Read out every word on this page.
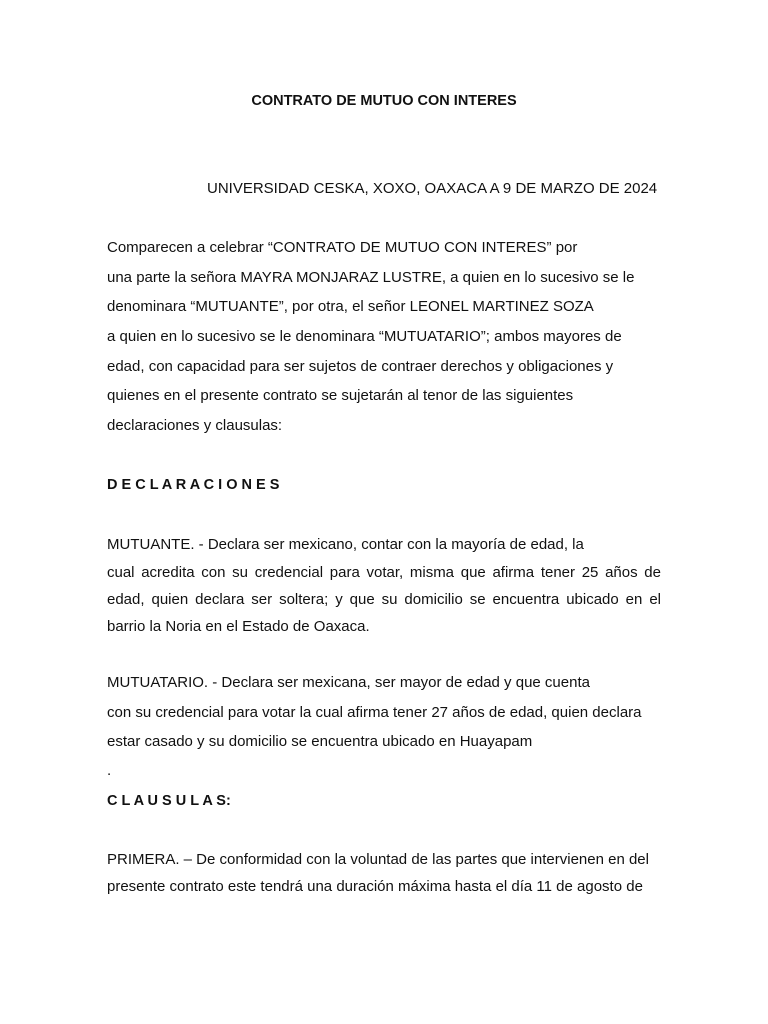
CONTRATO DE MUTUO CON INTERES
UNIVERSIDAD CESKA, XOXO, OAXACA A 9 DE MARZO DE 2024
Comparecen a celebrar “CONTRATO DE MUTUO CON INTERES” por
una parte la señora MAYRA MONJARAZ LUSTRE, a quien en lo sucesivo se le
denominara “MUTUANTE”, por otra, el señor LEONEL MARTINEZ SOZA
a quien en lo sucesivo se le denominara “MUTUATARIO”; ambos mayores de
edad, con capacidad para ser sujetos de contraer derechos y obligaciones y
quienes en el presente contrato se sujetarán al tenor de las siguientes
declaraciones y clausulas:
D E C L A R A C I O N E S
MUTUANTE. - Declara ser mexicano, contar con la mayoría de edad, la
cual acredita con su credencial para votar, misma que afirma tener 25 años de
edad, quien declara ser soltera; y que su domicilio se encuentra ubicado en el
barrio la Noria en el Estado de Oaxaca.
MUTUATARIO. - Declara ser mexicana, ser mayor de edad y que cuenta
con su credencial para votar la cual afirma tener 27 años de edad, quien declara
estar casado y su domicilio se encuentra ubicado en Huayapam
.
C L A U S U L A S:
PRIMERA. – De conformidad con la voluntad de las partes que intervienen en del
presente contrato este tendrá una duración máxima hasta el día 11 de agosto de
